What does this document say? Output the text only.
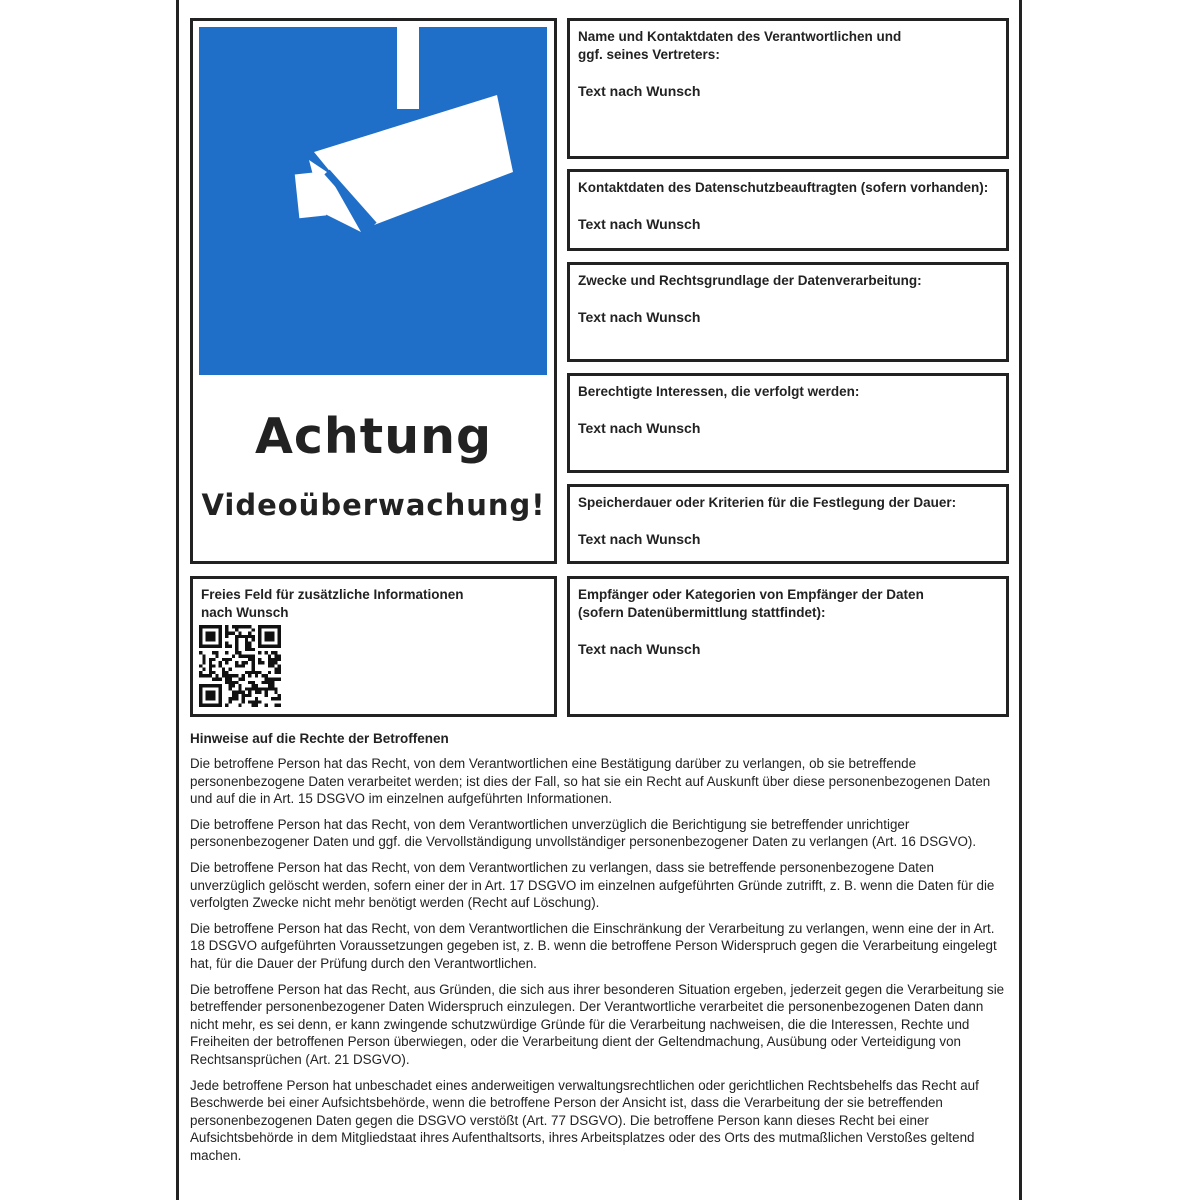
Achtung
Videoüberwachung!
Name und Kontaktdaten des Verantwortlichen und
ggf. seines Vertreters:
Text nach Wunsch
Kontaktdaten des Datenschutzbeauftragten (sofern vorhanden):
Text nach Wunsch
Zwecke und Rechtsgrundlage der Datenverarbeitung:
Text nach Wunsch
Berechtigte Interessen, die verfolgt werden:
Text nach Wunsch
Speicherdauer oder Kriterien für die Festlegung der Dauer:
Text nach Wunsch
Empfänger oder Kategorien von Empfänger der Daten
(sofern Datenübermittlung stattfindet):
Text nach Wunsch
Freies Feld für zusätzliche Informationen
nach Wunsch
Hinweise auf die Rechte der Betroffenen

Die betroffene Person hat das Recht, von dem Verantwortlichen eine Bestätigung darüber zu verlangen, ob sie betreffende personenbezogene Daten verarbeitet werden; ist dies der Fall, so hat sie ein Recht auf Auskunft über diese personenbezogenen Daten und auf die in Art. 15 DSGVO im einzelnen aufgeführten Informationen.

Die betroffene Person hat das Recht, von dem Verantwortlichen unverzüglich die Berichtigung sie betreffender unrichtiger personenbezogener Daten und ggf. die Vervollständigung unvollständiger personenbezogener Daten zu verlangen (Art. 16 DSGVO).

Die betroffene Person hat das Recht, von dem Verantwortlichen zu verlangen, dass sie betreffende personenbezogene Daten unverzüglich gelöscht werden, sofern einer der in Art. 17 DSGVO im einzelnen aufgeführten Gründe zutrifft, z. B. wenn die Daten für die verfolgten Zwecke nicht mehr benötigt werden (Recht auf Löschung).

Die betroffene Person hat das Recht, von dem Verantwortlichen die Einschränkung der Verarbeitung zu verlangen, wenn eine der in Art. 18 DSGVO aufgeführten Voraussetzungen gegeben ist, z. B. wenn die betroffene Person Widerspruch gegen die Verarbeitung eingelegt hat, für die Dauer der Prüfung durch den Verantwortlichen.

Die betroffene Person hat das Recht, aus Gründen, die sich aus ihrer besonderen Situation ergeben, jederzeit gegen die Verarbeitung sie betreffender personenbezogener Daten Widerspruch einzulegen. Der Verantwortliche verarbeitet die personenbezogenen Daten dann nicht mehr, es sei denn, er kann zwingende schutzwürdige Gründe für die Verarbeitung nachweisen, die die Interessen, Rechte und Freiheiten der betroffenen Person überwiegen, oder die Verarbeitung dient der Geltendmachung, Ausübung oder Verteidigung von Rechtsansprüchen (Art. 21 DSGVO).

Jede betroffene Person hat unbeschadet eines anderweitigen verwaltungsrechtlichen oder gerichtlichen Rechtsbehelfs das Recht auf Beschwerde bei einer Aufsichtsbehörde, wenn die betroffene Person der Ansicht ist, dass die Verarbeitung der sie betreffenden personenbezogenen Daten gegen die DSGVO verstößt (Art. 77 DSGVO). Die betroffene Person kann dieses Recht bei einer Aufsichtsbehörde in dem Mitgliedstaat ihres Aufenthaltsorts, ihres Arbeitsplatzes oder des Orts des mutmaßlichen Verstoßes geltend machen.
